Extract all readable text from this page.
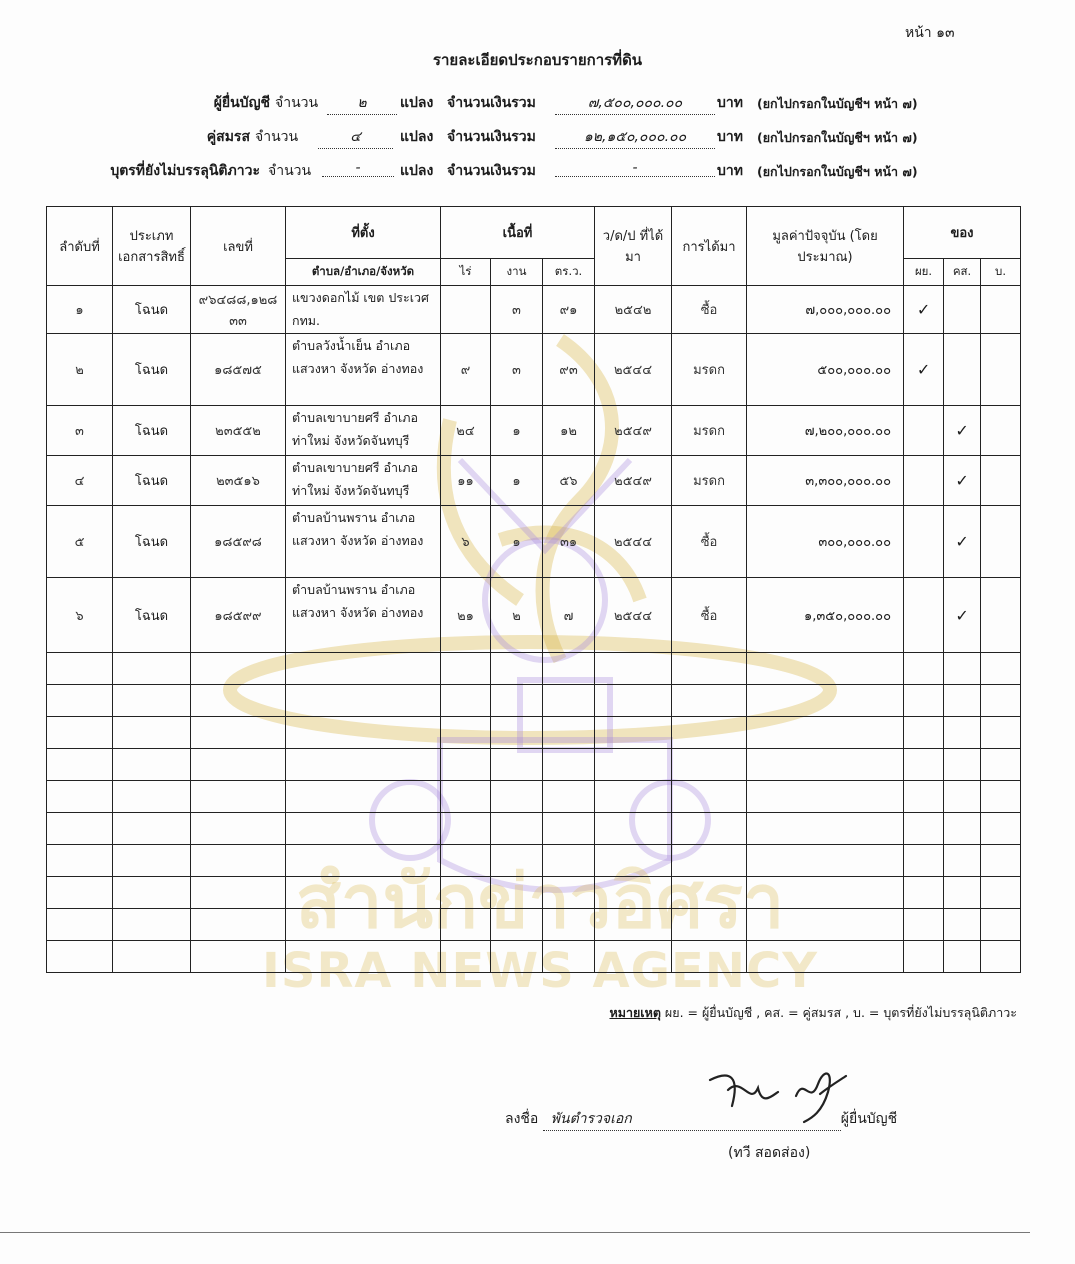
สำนักข่าวอิศรา
ISRA NEWS AGENCY
หน้า ๑๓
รายละเอียดประกอบรายการที่ดิน
ผู้ยื่นบัญชี จำนวน	๒	แปลง จำนวนเงินรวม	๗,๕๐๐,๐๐๐.๐๐	บาท (ยกไปกรอกในบัญชีฯ หน้า ๗)
คู่สมรส จำนวน	๔	แปลง จำนวนเงินรวม	๑๒,๑๕๐,๐๐๐.๐๐	บาท (ยกไปกรอกในบัญชีฯ หน้า ๗)
บุตรที่ยังไม่บรรลุนิติภาวะ จำนวน	-	แปลง จำนวนเงินรวม	-	บาท (ยกไปกรอกในบัญชีฯ หน้า ๗)
ลำดับที่	ประเภทเอกสารสิทธิ์	เลขที่	ที่ตั้ง	เนื้อที่			ว/ด/ป ที่ได้มา	การได้มา	มูลค่าปัจจุบัน (โดยประมาณ)	ของ		
			ตำบล/อำเภอ/จังหวัด	ไร่	งาน	ตร.ว.				ผย.	คส.	บ.
๑	โฉนด	๙๖๔๘๘,๑๒๘ ๓๓	แขวงดอกไม้ เขต ประเวศ กทม.		๓	๙๑	๒๕๔๒	ซื้อ	๗,๐๐๐,๐๐๐.๐๐	✓		
๒	โฉนด	๑๘๕๗๕	ตำบลวังน้ำเย็น อำเภอ แสวงหา จังหวัด อ่างทอง	๙	๓	๙๓	๒๕๔๔	มรดก	๕๐๐,๐๐๐.๐๐	✓		
๓	โฉนด	๒๓๕๕๒	ตำบลเขาบายศรี อำเภอ ท่าใหม่ จังหวัดจันทบุรี	๒๔	๑	๑๒	๒๕๔๙	มรดก	๗,๒๐๐,๐๐๐.๐๐		✓	
๔	โฉนด	๒๓๕๑๖	ตำบลเขาบายศรี อำเภอ ท่าใหม่ จังหวัดจันทบุรี	๑๑	๑	๕๖	๒๕๔๙	มรดก	๓,๓๐๐,๐๐๐.๐๐		✓	
๕	โฉนด	๑๘๕๙๘	ตำบลบ้านพราน อำเภอ แสวงหา จังหวัด อ่างทอง	๖	๑	๓๑	๒๕๔๔	ซื้อ	๓๐๐,๐๐๐.๐๐		✓	
๖	โฉนด	๑๘๕๙๙	ตำบลบ้านพราน อำเภอ แสวงหา จังหวัด อ่างทอง	๒๑	๒	๗	๒๕๔๔	ซื้อ	๑,๓๕๐,๐๐๐.๐๐		✓	

หมายเหตุ ผย. = ผู้ยื่นบัญชี , คส. = คู่สมรส , บ. = บุตรที่ยังไม่บรรลุนิติภาวะ
ลงชื่อ พันตำรวจเอก	ผู้ยื่นบัญชี
(ทวี สอดส่อง)
